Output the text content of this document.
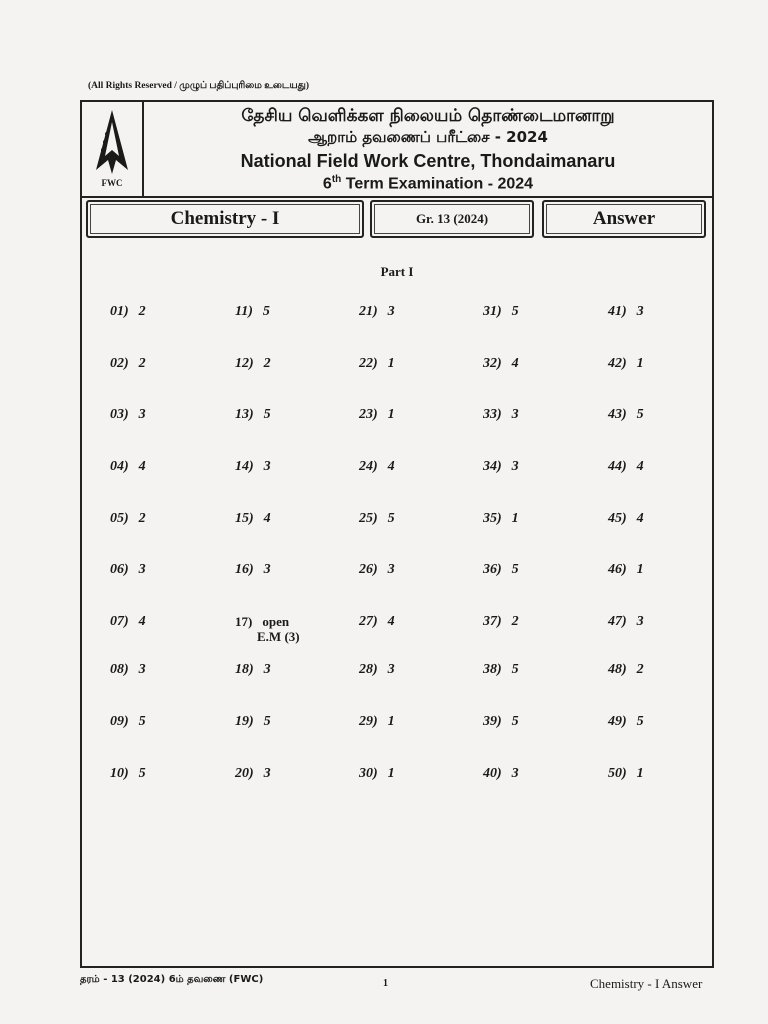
(All Rights Reserved / முழுப் பதிப்புரிமை உடையது)
FWC
தேசிய வெளிக்கள நிலையம் தொண்டைமானாறு
ஆறாம் தவணைப் பரீட்சை - 2024
National Field Work Centre, Thondaimanaru
6th Term Examination - 2024
Chemistry - I	Gr. 13 (2024)	Answer
Part I
01) 2
02) 2
03) 3
04) 4
05) 2
06) 3
07) 4
08) 3
09) 5
10) 5
11) 5
12) 2
13) 5
14) 3
15) 4
16) 3
17) open
E.M (3)
18) 3
19) 5
20) 3
21) 3
22) 1
23) 1
24) 4
25) 5
26) 3
27) 4
28) 3
29) 1
30) 1
31) 5
32) 4
33) 3
34) 3
35) 1
36) 5
37) 2
38) 5
39) 5
40) 3
41) 3
42) 1
43) 5
44) 4
45) 4
46) 1
47) 3
48) 2
49) 5
50) 1
தரம் - 13 (2024) 6ம் தவணை (FWC)	1	Chemistry - I Answer
